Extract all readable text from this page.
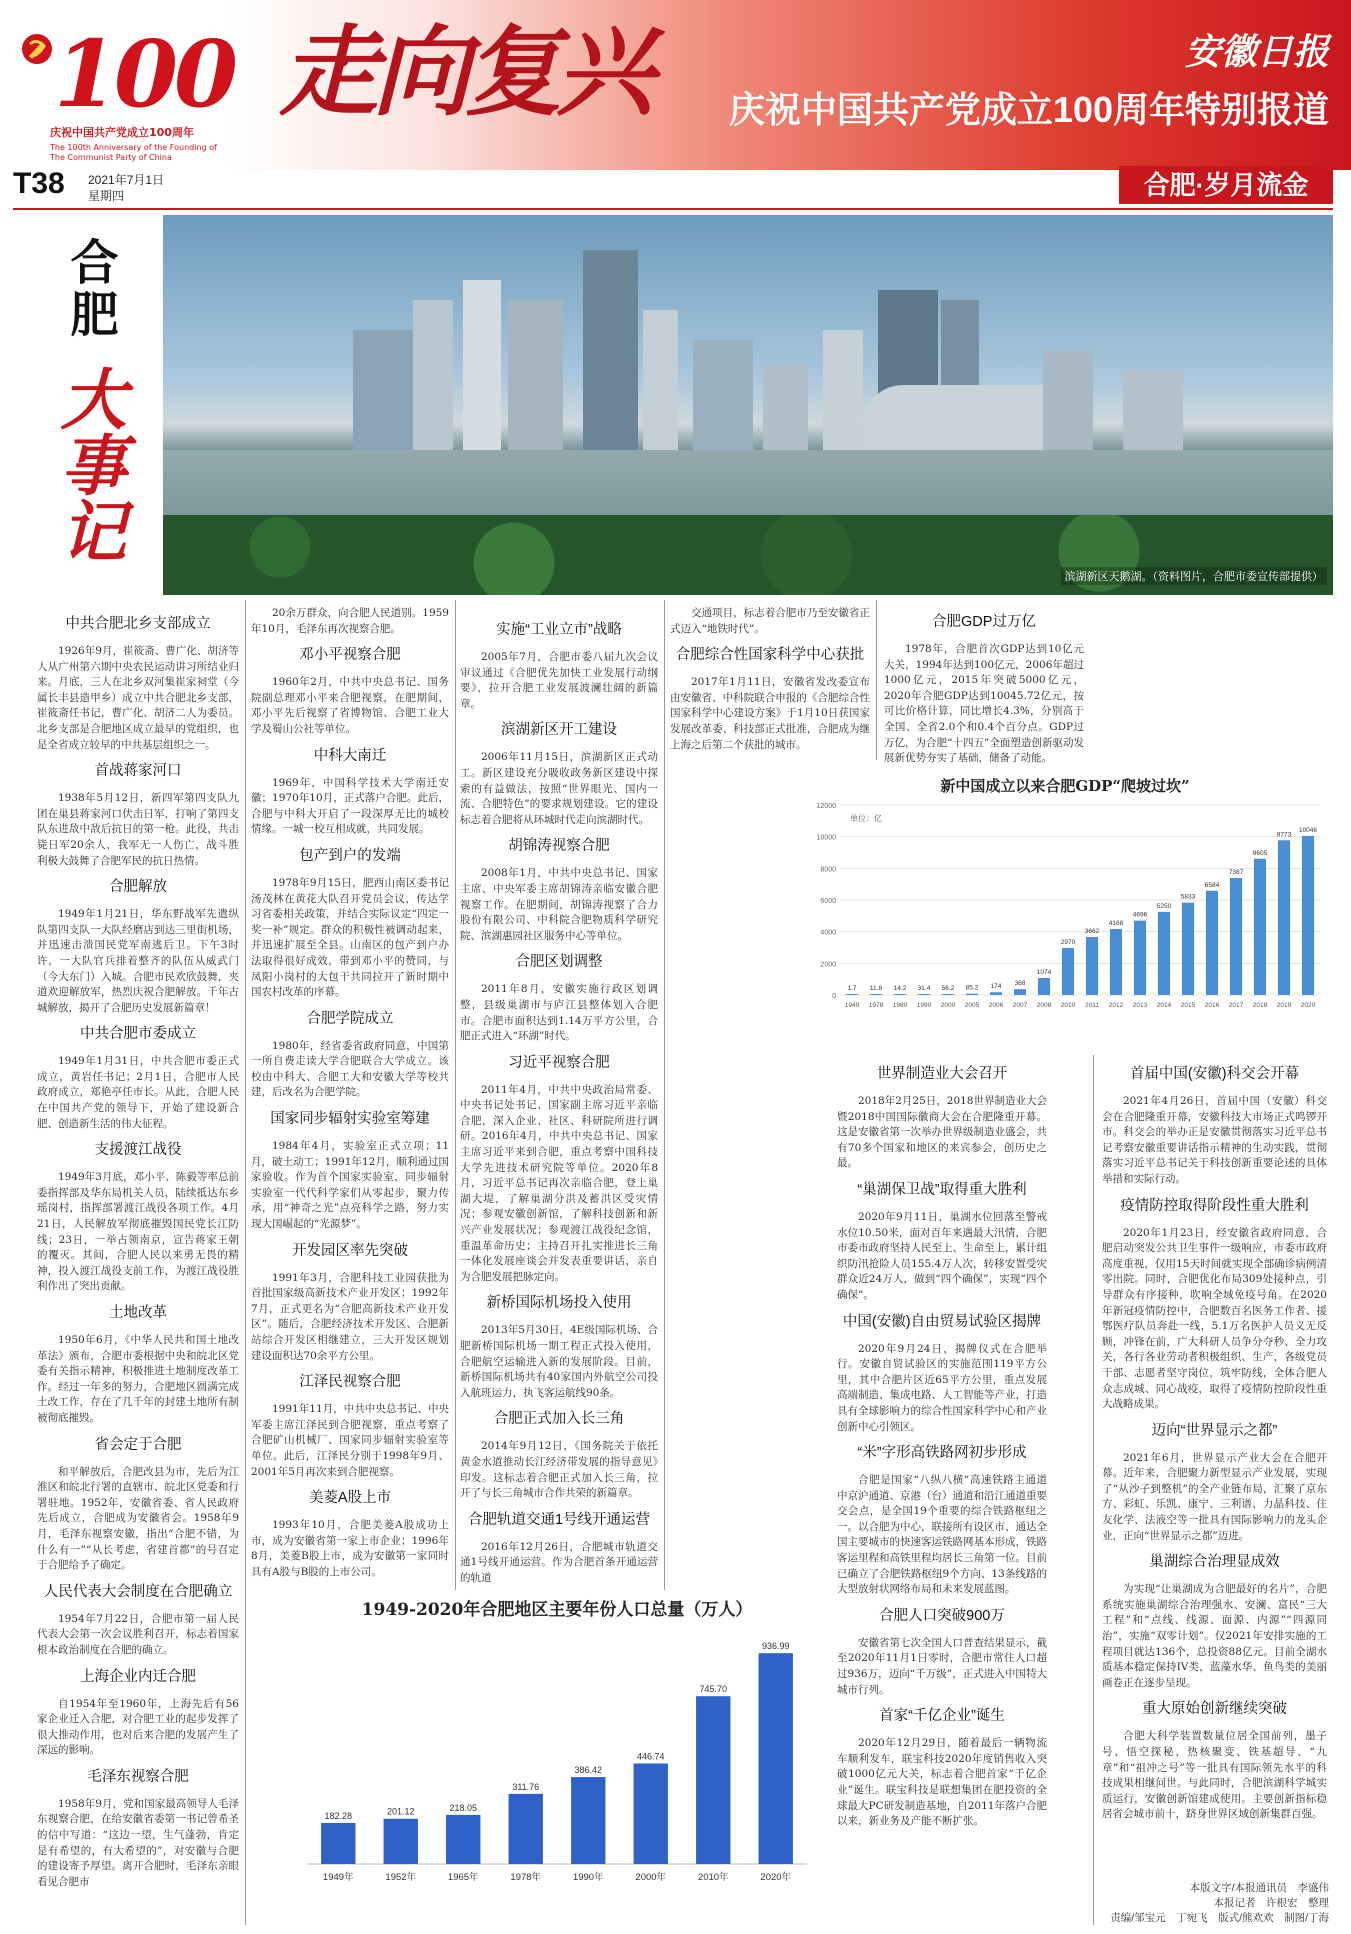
100
庆祝中国共产党成立100周年
The 100th Anniversary of the Founding of
The Communist Party of China
走向复兴	安徽日报
庆祝中国共产党成立100周年特别报道
T38 2021年7月1日
星期四	合肥·岁月流金
合肥
大事记
滨湖新区天鹅湖。（资料图片，合肥市委宣传部提供）
中共合肥北乡支部成立

1926年9月，崔筱斋、曹广化、胡济等人从广州第六期中央农民运动讲习所结业归来。月底，三人在北乡双河集崔家祠堂（今属长丰县造甲乡）成立中共合肥北乡支部，崔筱斋任书记，曹广化、胡济二人为委员。北乡支部是合肥地区成立最早的党组织，也是全省成立较早的中共基层组织之一。

首战蒋家河口

1938年5月12日，新四军第四支队九团在巢县蒋家河口伏击日军，打响了第四支队东进敌中敌后抗日的第一枪。此役，共击毙日军20余人，我军无一人伤亡，战斗胜利极大鼓舞了合肥军民的抗日热情。

合肥解放

1949年1月21日，华东野战军先遣纵队第四支队一大队经磨店到达三里街机场，并迅速击溃国民党军南逃后卫。下午3时许，一大队官兵排着整齐的队伍从威武门（今大东门）入城。合肥市民欢欣鼓舞，夹道欢迎解放军，热烈庆祝合肥解放。千年古城解放，揭开了合肥历史发展新篇章！

中共合肥市委成立

1949年1月31日，中共合肥市委正式成立，黄岩任书记；2月1日，合肥市人民政府成立，郑艳亭任市长。从此，合肥人民在中国共产党的领导下，开始了建设新合肥、创造新生活的伟大征程。

支援渡江战役

1949年3月底，邓小平、陈毅等率总前委指挥部及华东局机关人员，陆续抵达东乡瑶岗村，指挥部署渡江战役各项工作。4月21日，人民解放军彻底摧毁国民党长江防线；23日，一举占领南京，宣告蒋家王朝的覆灭。其间，合肥人民以来勇无畏的精神，投入渡江战役支前工作，为渡江战役胜利作出了突出贡献。

土地改革

1950年6月，《中华人民共和国土地改革法》颁布，合肥市委根据中央和皖北区党委有关指示精神，积极推进土地制度改革工作。经过一年多的努力，合肥地区圆满完成土改工作，存在了几千年的封建土地所有制被彻底摧毁。

省会定于合肥

和平解放后，合肥改县为市，先后为江淮区和皖北行署的直辖市、皖北区党委和行署驻地。1952年，安徽省委、省人民政府先后成立，合肥成为安徽省会。1958年9月，毛泽东视察安徽，指出“合肥不错，为什么有一”“从长考虑，省建首都”的号召定于合肥给予了确定。

人民代表大会制度在合肥确立

1954年7月22日，合肥市第一届人民代表大会第一次会议胜利召开，标志着国家根本政治制度在合肥的确立。

上海企业内迁合肥

自1954年至1960年，上海先后有56家企业迁入合肥，对合肥工业的起步发挥了很大推动作用，也对后来合肥的发展产生了深远的影响。

毛泽东视察合肥

1958年9月，党和国家最高领导人毛泽东视察合肥，在给安徽省委第一书记曾希圣的信中写道：“这边一望，生气蓬勃，肯定是有希望的，有大希望的”，对安徽与合肥的建设寄予厚望。离开合肥时，毛泽东亲眼看见合肥市

20余万群众，向合肥人民道别。1959年10月，毛泽东再次视察合肥。

邓小平视察合肥

1960年2月，中共中央总书记、国务院副总理邓小平来合肥视察，在肥期间，邓小平先后视察了省博物馆、合肥工业大学及蜀山公社等单位。

中科大南迁

1969年，中国科学技术大学南迁安徽；1970年10月，正式落户合肥。此后，合肥与中科大开启了一段深厚无比的城校情缘。一城一校互相成就，共同发展。

包产到户的发端

1978年9月15日，肥西山南区委书记汤茂林在黄花大队召开党员会议，传达学习省委相关政策，并结合实际议定“四定一奖一补”规定。群众的积极性被调动起来，并迅速扩展至全县。山南区的包产到户办法取得很好成效，带到邓小平的赞同，与凤阳小岗村的大包干共同拉开了新时期中国农村改革的序幕。

合肥学院成立

1980年，经省委省政府同意，中国第一所自费走读大学合肥联合大学成立。该校由中科大、合肥工大和安徽大学等校共建，后改名为合肥学院。

国家同步辐射实验室筹建

1984年4月，实验室正式立项；11月，破土动工；1991年12月，顺利通过国家验收。作为首个国家实验室，同步辐射实验室一代代科学家们从零起步，聚力传承，用“神奇之光”点亮科学之路，努力实现大国崛起的“光源梦”。

开发园区率先突破

1991年3月，合肥科技工业园获批为首批国家级高新技术产业开发区；1992年7月，正式更名为“合肥高新技术产业开发区”。随后，合肥经济技术开发区、合肥新站综合开发区相继建立，三大开发区规划建设面积达70余平方公里。

江泽民视察合肥

1991年11月，中共中央总书记、中央军委主席江泽民到合肥视察，重点考察了合肥矿山机械厂、国家同步辐射实验室等单位。此后，江泽民分别于1998年9月、2001年5月再次来到合肥视察。

美菱A股上市

1993年10月，合肥美菱A股成功上市，成为安徽省第一家上市企业；1996年8月，美菱B股上市，成为安徽第一家同时具有A股与B股的上市公司。

实施“工业立市”战略

2005年7月，合肥市委八届九次会议审议通过《合肥优先加快工业发展行动纲要》，拉开合肥工业发展波澜壮阔的新篇章。

滨湖新区开工建设

2006年11月15日，滨湖新区正式动工。新区建设充分吸收政务新区建设中探索的有益做法，按照“世界眼光、国内一流、合肥特色”的要求规划建设。它的建设标志着合肥将从环城时代走向滨湖时代。

胡锦涛视察合肥

2008年1月，中共中央总书记、国家主席、中央军委主席胡锦涛亲临安徽合肥视察工作。在肥期间，胡锦涛视察了合力股份有限公司、中科院合肥物质科学研究院、滨湖惠园社区服务中心等单位。

合肥区划调整

2011年8月，安徽实施行政区划调整，县级巢湖市与庐江县整体划入合肥市。合肥市面积达到1.14万平方公里，合肥正式进入“环湖”时代。

习近平视察合肥

2011年4月，中共中央政治局常委、中央书记处书记、国家副主席习近平亲临合肥，深入企业、社区、科研院所进行调研。2016年4月，中共中央总书记、国家主席习近平来到合肥，重点考察中国科技大学先进技术研究院等单位。2020年8月，习近平总书记再次亲临合肥，登上巢湖大堤，了解巢湖分洪及蓄洪区受灾情况；参观安徽创新馆，了解科技创新和新兴产业发展状况；参观渡江战役纪念馆，重温革命历史；主持召开扎实推进长三角一体化发展座谈会并发表重要讲话，亲自为合肥发展把脉定向。

新桥国际机场投入使用

2013年5月30日，4E级国际机场、合肥新桥国际机场一期工程正式投入使用，合肥航空运输进入新的发展阶段。目前，新桥国际机场共有40家国内外航空公司投入航班运力，执飞客运航线90条。

合肥正式加入长三角

2014年9月12日，《国务院关于依托黄金水道推动长江经济带发展的指导意见》印发。这标志着合肥正式加入长三角，拉开了与长三角城市合作共荣的新篇章。

合肥轨道交通1号线开通运营

2016年12月26日，合肥城市轨道交通1号线开通运营。作为合肥首条开通运营的轨道

交通项目，标志着合肥市乃至安徽省正式迈入“地铁时代”。

合肥综合性国家科学中心获批

2017年1月11日，安徽省发改委宣布由安徽省、中科院联合申报的《合肥综合性国家科学中心建设方案》于1月10日获国家发展改革委、科技部正式批准，合肥成为继上海之后第二个获批的城市。

合肥GDP过万亿

1978年，合肥首次GDP达到10亿元大关，1994年达到100亿元，2006年超过1000亿元，2015年突破5000亿元，2020年合肥GDP达到10045.72亿元，按可比价格计算，同比增长4.3%，分别高于全国、全省2.0个和0.4个百分点。GDP过万亿，为合肥“十四五”全面塑造创新驱动发展新优势夯实了基础，储备了动能。

世界制造业大会召开

2018年2月25日，2018世界制造业大会暨2018中国国际徽商大会在合肥隆重开幕。这是安徽省第一次举办世界级制造业盛会，共有70多个国家和地区的来宾参会，创历史之最。

“巢湖保卫战”取得重大胜利

2020年9月11日，巢湖水位回落至警戒水位10.50米，面对百年来遇最大汛情，合肥市委市政府坚持人民至上、生命至上，累计组织防汛抢险人员155.4万人次，转移安置受灾群众近24万人，做到“四个确保”，实现“四个确保”。

中国(安徽)自由贸易试验区揭牌

2020年9月24日，揭牌仪式在合肥举行。安徽自贸试验区的实施范围119平方公里，其中合肥片区近65平方公里，重点发展高端制造、集成电路、人工智能等产业，打造具有全球影响力的综合性国家科学中心和产业创新中心引领区。

“米”字形高铁路网初步形成

合肥是国家“八纵八横”高速铁路主通道中京沪通道、京港（台）通道和沿江通道重要交会点，是全国19个重要的综合铁路枢纽之一。以合肥为中心，联接所有设区市、通达全国主要城市的快速客运铁路网基本形成，铁路客运里程和高铁里程均居长三角第一位。目前已确立了合肥铁路枢纽9个方向、13条线路的大型放射状网络布局和未来发展蓝图。

合肥人口突破900万

安徽省第七次全国人口普查结果显示，截至2020年11月1日零时，合肥市常住人口超过936万，迈向“千万级”，正式进入中国特大城市行列。

首家“千亿企业”诞生

2020年12月29日，随着最后一辆物流车顺利发车，联宝科技2020年度销售收入突破1000亿元大关，标志着合肥首家“千亿企业”诞生。联宝科技是联想集团在肥投资的全球最大PC研发制造基地，自2011年落户合肥以来，新业务及产能不断扩张。

首届中国(安徽)科交会开幕

2021年4月26日，首届中国（安徽）科交会在合肥隆重开幕，安徽科技大市场正式鸣锣开市。科交会的举办正是安徽贯彻落实习近平总书记考察安徽重要讲话指示精神的生动实践，贯彻落实习近平总书记关于科技创新重要论述的具体举措和实际行动。

疫情防控取得阶段性重大胜利

2020年1月23日，经安徽省政府同意，合肥启动突发公共卫生事件一级响应，市委市政府高度重视，仅用15天时间就实现全部确诊病例清零出院。同时，合肥优化布局309处接种点，引导群众有序接种，吹响全域免疫号角。在2020年新冠疫情防控中，合肥数百名医务工作者、援鄂医疗队员奔赴一线，5.1万名医护人员义无反顾，冲锋在前，广大科研人员争分夺秒、全力攻关，各行各业劳动者积极组织、生产，各级党员干部、志愿者坚守岗位，筑牢防线，全体合肥人众志成城、同心战疫，取得了疫情防控阶段性重大战略成果。

迈向“世界显示之都”

2021年6月，世界显示产业大会在合肥开幕。近年来，合肥聚力新型显示产业发展，实现了“从沙子到整机”的全产业链布局，汇聚了京东方、彩虹、乐凯、康宁、三利谱、力晶科技、住友化学、法液空等一批具有国际影响力的龙头企业，正向“世界显示之都”迈进。

巢湖综合治理显成效

为实现“让巢湖成为合肥最好的名片”，合肥系统实施巢湖综合治理强水、安澜、富民“三大工程”和“点线、线源、面源、内源”“四源同治”，实施“双零计划”。仅2021年安排实施的工程项目就达136个，总投资88亿元。目前全湖水质基本稳定保持IV类，蓝藻水华、鱼鸟类的美丽画卷正在逐步呈现。

重大原始创新继续突破

合肥大科学装置数量位居全国前列，墨子号、悟空探秘、热核聚变、铁基超导、“九章”和“祖冲之号”等一批具有国际领先水平的科技成果相继问世。与此同时，合肥滨湖科学城实质运行，安徽创新馆建成使用。主要创新指标稳居省会城市前十，跻身世界区域创新集群百强。

新中国成立以来合肥GDP“爬坡过坎”
12000
10000
8000
6000
4000
2000
0
单位：亿
1.7
1949
11.8
1978
14.2
1980
31.4
1990
56.2
2000
85.2
2005
174
2006
368
2007
1074
2008
2970
2010
3662
2011
4168
2012
4696
2013
5250
2014
5833
2015
6584
2016
7387
2017
8605
2018
9773
2019
10046
2020
1949-2020年合肥地区主要年份人口总量（万人）
182.28
1949年
201.12
1952年
218.05
1965年
311.76
1978年
386.42
1990年
446.74
2000年
745.70
2010年
936.99
2020年
本版文字/本报通讯员　李盛伟
本报记者　许根宏　整理
责编/邹宝元　丁宛飞　版式/熊欢欢　制图/丁海
